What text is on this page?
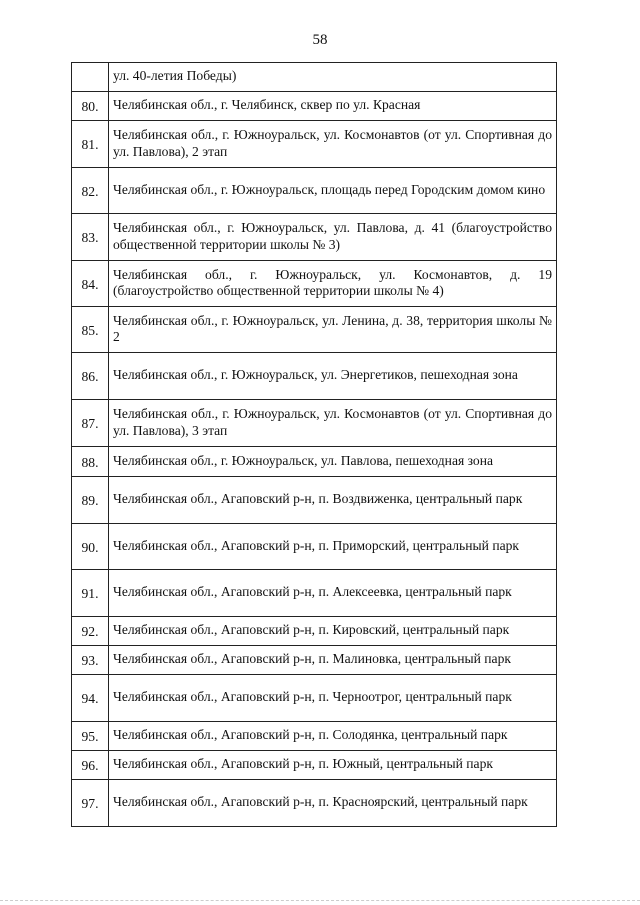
58
	ул. 40-летия Победы)
80.	Челябинская обл., г. Челябинск, сквер по ул. Красная
81.	Челябинская обл., г. Южноуральск, ул. Космонавтов (от ул. Спортивная до ул. Павлова), 2 этап
82.	Челябинская обл., г. Южноуральск, площадь перед Городским домом кино
83.	Челябинская обл., г. Южноуральск, ул. Павлова, д. 41 (благоустройство общественной территории школы № 3)
84.	Челябинская обл., г. Южноуральск, ул. Космонавтов, д. 19 (благоустройство общественной территории школы № 4)
85.	Челябинская обл., г. Южноуральск, ул. Ленина, д. 38, территория школы № 2
86.	Челябинская обл., г. Южноуральск, ул. Энергетиков, пешеходная зона
87.	Челябинская обл., г. Южноуральск, ул. Космонавтов (от ул. Спортивная до ул. Павлова), 3 этап
88.	Челябинская обл., г. Южноуральск, ул. Павлова, пешеходная зона
89.	Челябинская обл., Агаповский р-н, п. Воздвиженка, центральный парк
90.	Челябинская обл., Агаповский р-н, п. Приморский, центральный парк
91.	Челябинская обл., Агаповский р-н, п. Алексеевка, центральный парк
92.	Челябинская обл., Агаповский р-н, п. Кировский, центральный парк
93.	Челябинская обл., Агаповский р-н, п. Малиновка, центральный парк
94.	Челябинская обл., Агаповский р-н, п. Черноотрог, центральный парк
95.	Челябинская обл., Агаповский р-н, п. Солодянка, центральный парк
96.	Челябинская обл., Агаповский р-н, п. Южный, центральный парк
97.	Челябинская обл., Агаповский р-н, п. Красноярский, центральный парк
